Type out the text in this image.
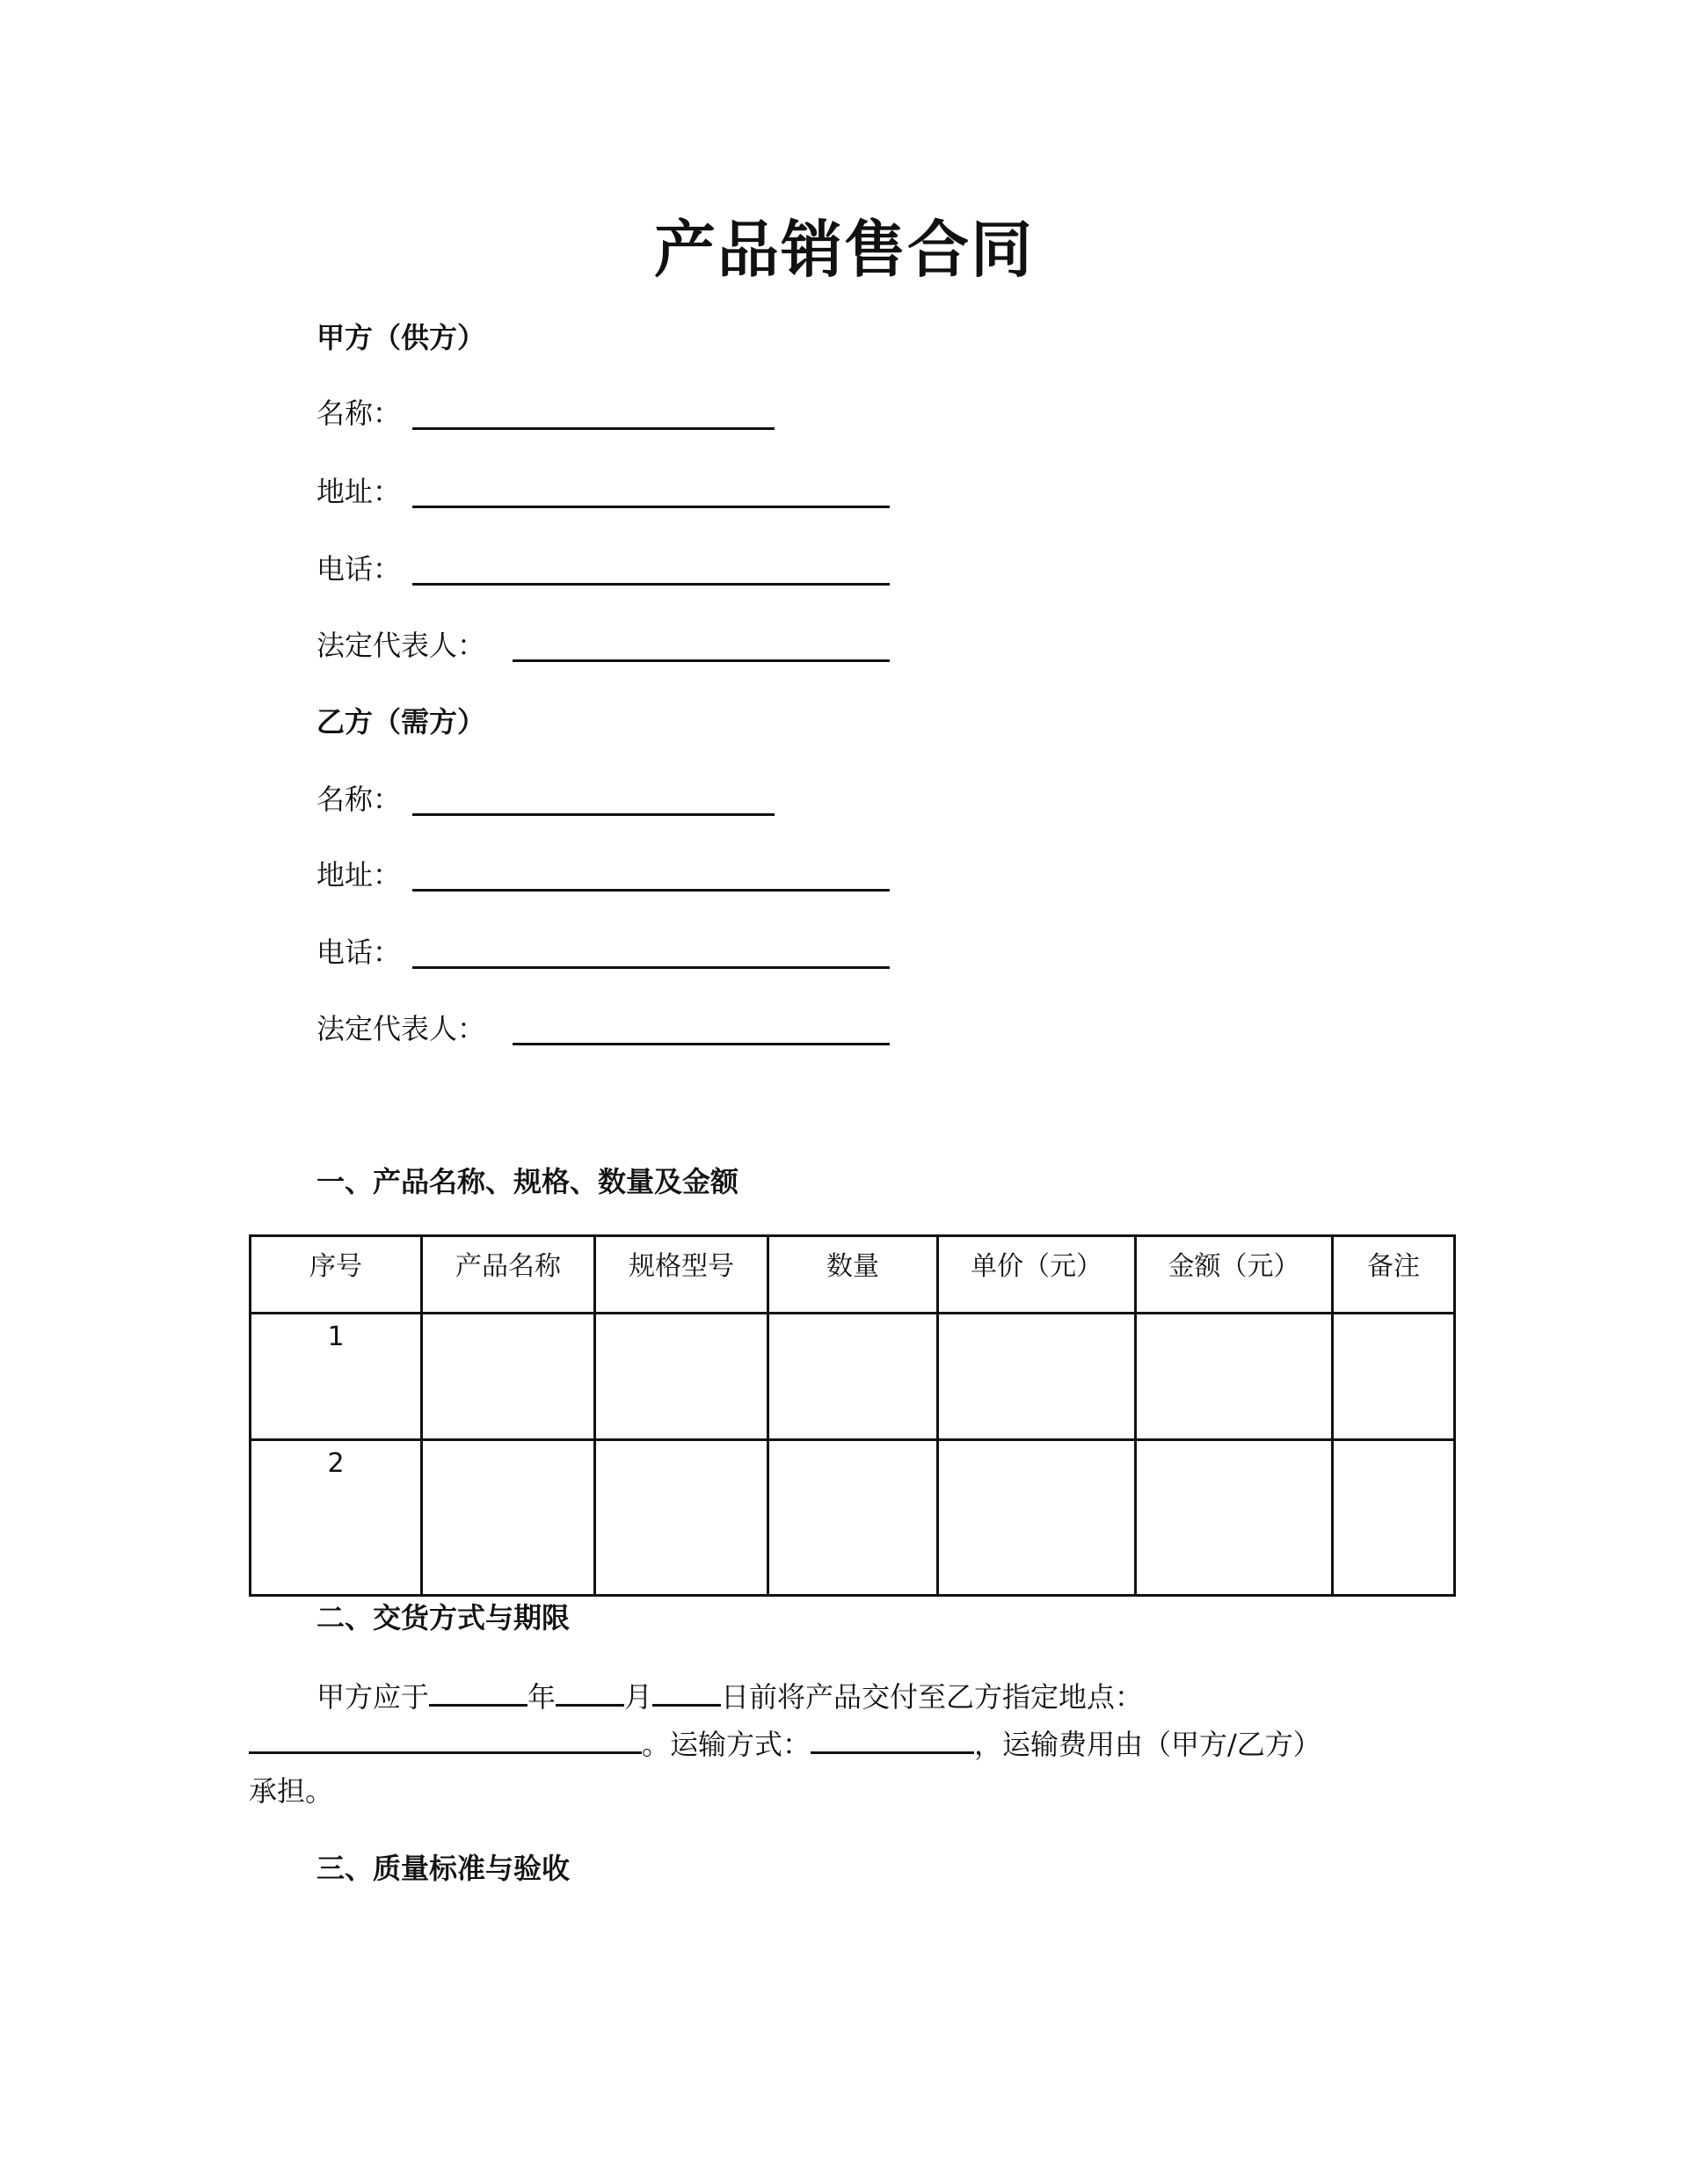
产品销售合同
甲方（供方）
名称：
地址：
电话：
法定代表人：
乙方（需方）
名称：
地址：
电话：
法定代表人：
一、产品名称、规格、数量及金额
序号	产品名称	规格型号	数量	单价（元）	金额（元）	备注
1						
2						
二、交货方式与期限
甲方应于	年 月 日前将产品交付至乙方指定地点：
。运输方式：	，运输费用由（甲方/乙方）
承担。
三、质量标准与验收
